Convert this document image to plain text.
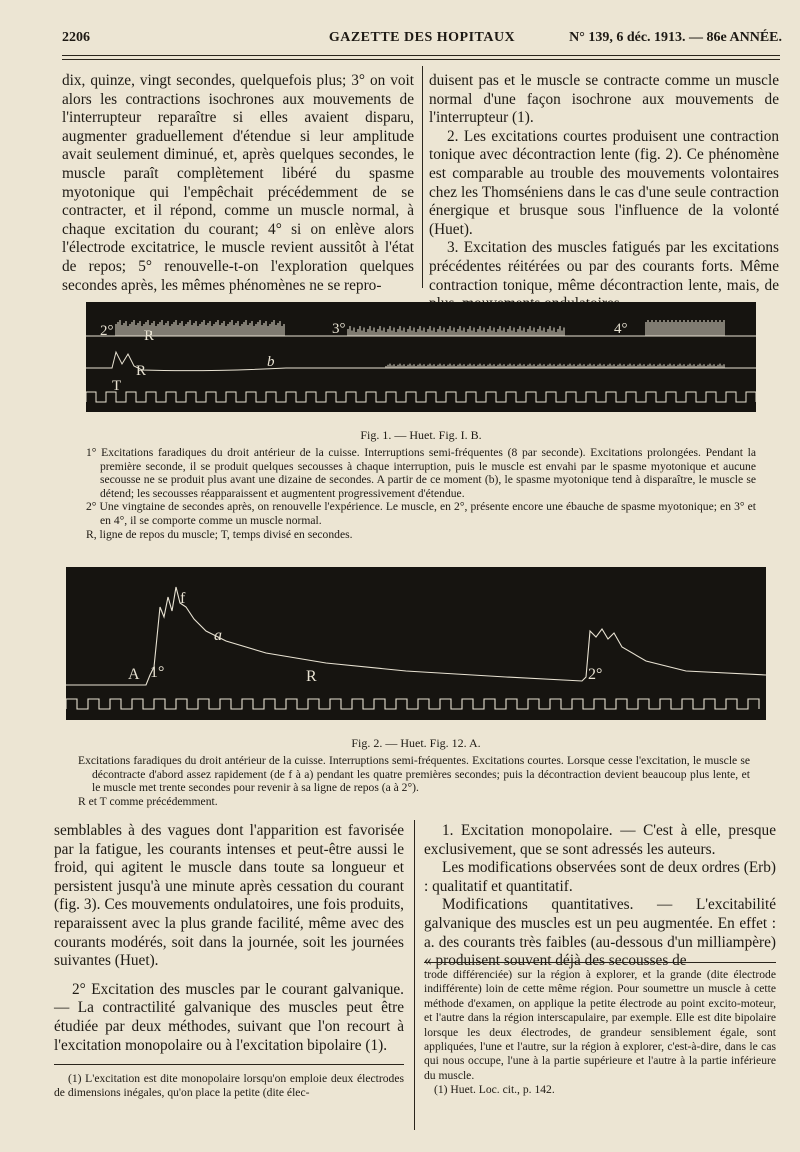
2206	GAZETTE DES HOPITAUX	N° 139, 6 déc. 1913. — 86e ANNÉE.

dix, quinze, vingt secondes, quelquefois plus; 3° on voit alors les contractions isochrones aux mouvements de l'interrupteur reparaître si elles avaient disparu, augmenter graduellement d'étendue si leur amplitude avait seulement diminué, et, après quelques secondes, le muscle paraît complètement libéré du spasme myotonique qui l'empêchait précédemment de se contracter, et il répond, comme un muscle normal, à chaque excitation du courant; 4° si on enlève alors l'électrode excitatrice, le muscle revient aussitôt à l'état de repos; 5° renouvelle-t-on l'exploration quelques secondes après, les mêmes phénomènes ne se repro-

duisent pas et le muscle se contracte comme un muscle normal d'une façon isochrone aux mouvements de l'interrupteur (1).

2. Les excitations courtes produisent une contraction tonique avec décontraction lente (fig. 2). Ce phénomène est comparable au trouble des mouvements volontaires chez les Thomséniens dans le cas d'une seule contraction énergique et brusque sous l'influence de la volonté (Huet).

3. Excitation des muscles fatigués par les excitations précédentes réitérées ou par des courants forts. Même contraction tonique, même décontraction lente, mais, de

2° R	3°	4°
b
R
T
Fig. 1. — Huet. Fig. I. B.

1° Excitations faradiques du droit antérieur de la cuisse. Interruptions semi-fréquentes (8 par seconde). Excitations prolongées. Pendant la première seconde, il se produit quelques secousses à chaque interruption, puis le muscle est envahi par le spasme myotonique et aucune secousse ne se produit plus avant une dizaine de secondes. A partir de ce moment (b), le spasme myotonique tend à disparaître, le muscle se détend; les secousses réapparaissent et augmentent progressivement d'étendue.

2° Une vingtaine de secondes après, on renouvelle l'expérience. Le muscle, en 2°, présente encore une ébauche de spasme myotonique; en 3° et en 4°, il se comporte comme un muscle normal.

R, ligne de repos du muscle; T, temps divisé en secondes.

A 1°
f
a
R	2°
Fig. 2. — Huet. Fig. 12. A.

Excitations faradiques du droit antérieur de la cuisse. Interruptions semi-fréquentes. Excitations courtes. Lorsque cesse l'excitation, le muscle se décontracte d'abord assez rapidement (de f à a) pendant les quatre premières secondes; puis la décontraction devient beaucoup plus lente, et le muscle met trente secondes pour revenir à sa ligne de repos (a à 2°).

R et T comme précédemment.

semblables à des vagues dont l'apparition est favorisée par la fatigue, les courants intenses et peut-être aussi le froid, qui agitent le muscle dans toute sa longueur et persistent jusqu'à une minute après cessation du courant (fig. 3). Ces mouvements ondulatoires, une fois produits, reparaissent avec la plus grande facilité, même avec des courants modérés, soit dans la journée, soit les journées suivantes (Huet).

2° Excitation des muscles par le courant galvanique. — La contractilité galvanique des muscles peut être étudiée par deux méthodes, suivant que l'on recourt à l'excitation monopolaire ou à l'excitation bipolaire (1).

1. Excitation monopolaire. — C'est à elle, presque exclusivement, que se sont adressés les auteurs.

Les modifications observées sont de deux ordres (Erb) : qualitatif et quantitatif.

Modifications quantitatives. — L'excitabilité galvanique des muscles est un peu augmentée. En effet : a. des courants très faibles (au-dessous d'un milliampère) « produisent souvent déjà des secousses de

(1) L'excitation est dite monopolaire lorsqu'on emploie deux électrodes de dimensions inégales, qu'on place la petite (dite élec-

trode différenciée) sur la région à explorer, et la grande (dite électrode indifférente) loin de cette même région. Pour soumettre un muscle à cette méthode d'examen, on applique la petite électrode au point excito-moteur, et l'autre dans la région interscapulaire, par exemple. Elle est dite bipolaire lorsque les deux électrodes, de grandeur sensiblement égale, sont appliquées, l'une et l'autre, sur la région à explorer, c'est-à-dire, dans le cas qui nous occupe, l'une à la partie supérieure et l'autre à la partie inférieure du muscle.

(1) Huet. Loc. cit., p. 142.
